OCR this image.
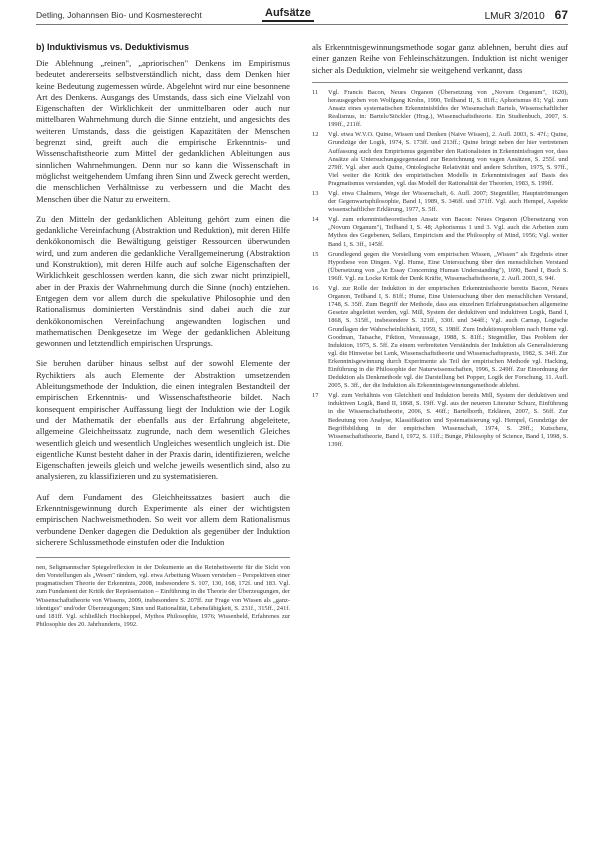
Detling, Johannsen Bio- und Kosmesterecht	Aufsätze	LMuR 3/2010 67
b) Induktivismus vs. Deduktivismus

Die Ablehnung „reinen", „apriorischen" Denkens im Empirismus bedeutet andererseits selbstverständlich nicht, dass dem Denken hier keine Bedeutung zugemessen würde. Abgelehnt wird nur eine besonnene Art des Denkens. Ausgangs des Umstands, dass sich eine Vielzahl von Eigenschaften der Wirklichkeit der unmittelbaren oder auch nur mittelbaren Wahrnehmung durch die Sinne entzieht, und angesichts des weiteren Umstands, dass die geistigen Kapazitäten der Menschen begrenzt sind, greift auch die empirische Erkenntnis- und Wissenschaftstheorie zum Mittel der gedanklichen Ableitungen aus sinnlichen Wahrnehmungen. Denn nur so kann die Wissenschaft in möglichst weitgehendem Umfang ihren Sinn und Zweck gerecht werden, die menschlichen Verhältnisse zu verbessern und die Macht des Menschen über die Natur zu erweitern.

Zu den Mitteln der gedanklichen Ableitung gehört zum einen die gedankliche Vereinfachung (Abstraktion und Reduktion), mit deren Hilfe denkökonomisch die Bewältigung geistiger Ressourcen überwunden wird, und zum anderen die gedankliche Verallgemeinerung (Abstraktion und Konstruktion), mit deren Hilfe auch auf solche Eigenschaften der Wirklichkeit geschlossen werden kann, die sich zwar nicht prinzipiell, aber in der Praxis der Wahrnehmung durch die Sinne (noch) entziehen. Entgegen dem vor allem durch die spekulative Philosophie und den Rationalismus dominierten Verständnis sind dabei auch die zur denkökonomischen Vereinfachung angewandten logischen und mathematischen Denkgesetze im Wege der gedanklichen Ableitung gewonnen und letztendlich empirischen Ursprungs.

Sie beruhen darüber hinaus selbst auf der sowohl Elemente der Rychiktiers als auch Elemente der Abstraktion umsetzenden Ableitungsmethode der Induktion, die einen integralen Bestandteil der empirischen Erkenntnis- und Wissenschaftstheorie bildet. Nach konsequent empirischer Auffassung liegt der Induktion wie der Logik und der Mathematik der ebenfalls aus der Erfahrung abgeleitete, allgemeine Gleichheitssatz zugrunde, nach dem wesentlich Gleiches wesentlich gleich und wesentlich Ungleiches wesentlich ungleich ist. Die eigentliche Kunst besteht daher in der Praxis darin, identifizieren, welche Eigenschaften jeweils gleich und welche jeweils wesentlich sind, also zu analysieren, zu klassifizieren und zu systematisieren.

Auf dem Fundament des Gleichheitssatzes basiert auch die Erkenntnisgewinnung durch Experimente als einer der wichtigsten empirischen Nachweismethoden. So weit vor allem dem Rationalismus verbundene Denker dagegen die Deduktion als gegenüber der Induktion sicherere Schlussmethode einstufen oder die Induktion

nen, Seligmannscher Spiegelreflexion in der Dokumente an die Reinheitswerte für die Sicht von den Vorstellungen als „Wesen" rändern, vgl. etwa Arbeitung Wissen verstehen – Perspektiven einer pragmatischen Theorie der Erkenntnis, 2008, insbesondere S. 107, 130, 168, 172f. und 183. Vgl. zum Fundament der Kritik der Repräsentation – Einführung in die Theorie der Überzeugungen, der Wissenschaftstheorie von Wissens, 2009, insbesondere S. 207ff. zur Frage von Wissen als „ganz-identiges" und/oder Überzeugungen; Sinn und Rationalität, Lebensfähigkeit, S. 231f., 315ff., 241f. und 181ff. Vgl. schließlich Hochkeppel, Mythos Philosophie, 1976; Wissenbeld, Erfahrenes zur Philosophie des 20. Jahrhunderts, 1992.

als Erkenntnisgewinnungsmethode sogar ganz ablehnen, beruht dies auf einer ganzen Reihe von Fehleinschätzungen. Induktion ist nicht weniger sicher als Deduktion, vielmehr sie weitgehend verkannt, dass

11	Vgl. Francis Bacon, Neues Organon (Übersetzung von „Novum Organum", 1620), herausgegeben von Wolfgang Krohn, 1990, Teilband II, S. 81ff.; Aphorismus 81; Vgl. zum Ansatz eines systematischen Erkenntnisbildes der Wissenschaft Bartels, Wissenschaftlicher Realismus, in: Bartels/Stöckler (Hrsg.), Wissenschaftstheorie. Ein Studienbuch, 2007, S. 199ff., 211ff.
12	Vgl. etwa W.V.O. Quine, Wissen und Denken (Naive Wissen), 2. Aufl. 2003, S. 47f.; Quine, Grundzüge der Logik, 1974, S. 173ff. und 213ff.; Quine bringt neben der hier vertretenen Auffassung auch den Empirismus gegenüber den Rationalisten in Erkenntnisfragen vor, dass Ansätze als Untersuchungsgegenstand zur Bezeichnung von vagen Ansätzen, S. 255f. und 279ff. Vgl. aber auch Quine, Ontologische Relativität und andere Schriften, 1975, S. 97ff., Viel weiter die Kritik des empiristischen Modells in Erkenntnisfragen auf Basis des Pragmatismus verstanden, vgl. das Modell der Rationalität der Theorien, 1983, S. 199ff.
13	Vgl. etwa Chalmers, Wege der Wissenschaft, 6. Aufl. 2007; Stegmüller, Hauptströmungen der Gegenwartsphilosophie, Band I, 1989, S. 346ff. und 371ff. Vgl. auch Hempel, Aspekte wissenschaftlicher Erklärung, 1977, S. 5ff.
14	Vgl. zum erkenntnistheoretischen Ansatz von Bacon: Neues Organon (Übersetzung von „Novum Organum"), Teilband I, S. 48; Aphorismus 1 und 3. Vgl. auch die Arbeiten zum Mythos des Gegebenen, Sellars, Empiricism and the Philosophy of Mind, 1956; Vgl. weiter Band 1, S. 3ff., 145ff.
15	Grundlegend gegen die Vorstellung vom empirischen Wissen, „Wissen" als Ergebnis einer Hypothese von Dingen. Vgl. Hume, Eine Untersuchung über den menschlichen Verstand (Übersetzung von „An Essay Concerning Human Understanding"), 1690, Band I, Buch S. 196ff. Vgl. zu Locke Kritik der Denk Kräfte, Wissenschaftstheorie, 2. Aufl. 2003, S. 94f.
16	Vgl. zur Rolle der Induktion in der empirischen Erkenntnistheorie bereits Bacon, Neues Organon, Teilband I, S. 81ff.; Hume, Eine Untersuchung über den menschlichen Verstand, 1748, S. 35ff. Zum Begriff der Methode, dass aus einzelnen Erfahrungstatsachen allgemeine Gesetze abgeleitet werden, vgl. Mill, System der deduktiven und induktiven Logik, Band I, 1868, S. 315ff., insbesondere S. 321ff., 330f. und 344ff.; Vgl. auch Carnap, Logische Grundlagen der Wahrscheinlichkeit, 1959, S. 198ff. Zum Induktionsproblem nach Hume vgl. Goodman, Tatsache, Fiktion, Voraussage, 1988, S. 81ff.; Stegmüller, Das Problem der Induktion, 1975, S. 5ff. Zu einem verbreiteten Verständnis der Induktion als Generalisierung vgl. die Hinweise bei Lenk, Wissenschaftstheorie und Wissenschaftspraxis, 1982, S. 34ff. Zur Erkenntnisgewinnung durch Experimente als Teil der empirischen Methode vgl. Hacking, Einführung in die Philosophie der Naturwissenschaften, 1996, S. 249ff. Zur Einordnung der Deduktion als Denkmethode vgl. die Darstellung bei Popper, Logik der Forschung, 11. Aufl. 2005, S. 3ff., der die Induktion als Erkenntnisgewinnungsmethode ablehnt.
17	Vgl. zum Verhältnis von Gleichheit und Induktion bereits Mill, System der deduktiven und induktiven Logik, Band II, 1868, S. 19ff. Vgl. aus der neueren Literatur Schurz, Einführung in die Wissenschaftstheorie, 2006, S. 46ff.; Bartelborth, Erklären, 2007, S. 56ff. Zur Bedeutung von Analyse, Klassifikation und Systematisierung vgl. Hempel, Grundzüge der Begriffsbildung in der empirischen Wissenschaft, 1974, S. 29ff.; Kutschera, Wissenschaftstheorie, Band I, 1972, S. 11ff.; Bunge, Philosophy of Science, Band I, 1998, S. 139ff.
